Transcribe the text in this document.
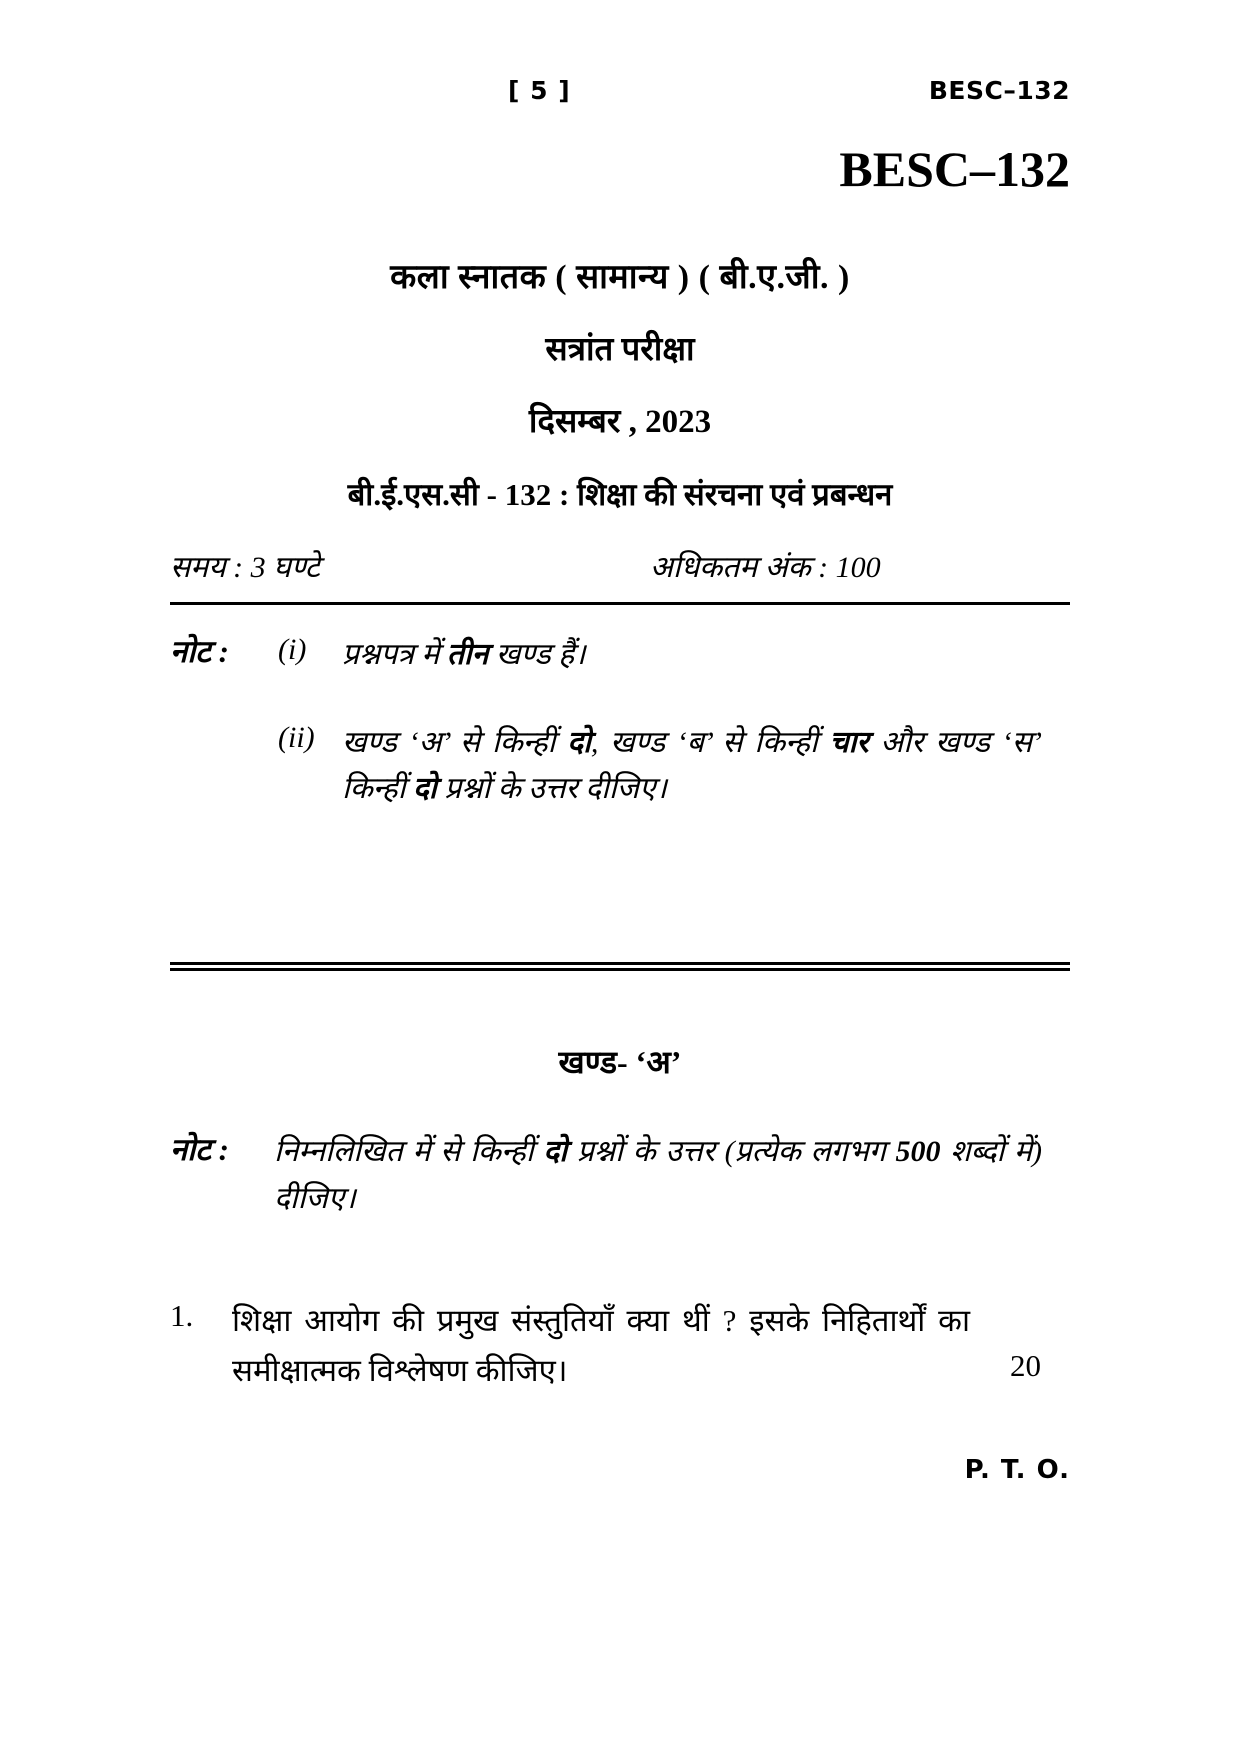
[ 5 ]	BESC–132
BESC–132
कला स्नातक ( सामान्य ) ( बी.ए.जी. )
सत्रांत परीक्षा
दिसम्बर , 2023
बी.ई.एस.सी - 132 : शिक्षा की संरचना एवं प्रबन्धन
समय : 3 घण्टे	अधिकतम अंक : 100
नोट : (i)	प्रश्नपत्र में तीन खण्ड हैं।
(ii) खण्ड ‘अ’ से किन्हीं दो, खण्ड ‘ब’ से किन्हीं चार और खण्ड ‘स’ किन्हीं दो प्रश्नों के उत्तर दीजिए।
खण्ड- ‘अ’
नोट : निम्नलिखित में से किन्हीं दो प्रश्नों के उत्तर (प्रत्येक लगभग 500 शब्दों में) दीजिए।
1. शिक्षा आयोग की प्रमुख संस्तुतियाँ क्या थीं ? इसके निहितार्थों का समीक्षात्मक विश्लेषण कीजिए।	20
P. T. O.
